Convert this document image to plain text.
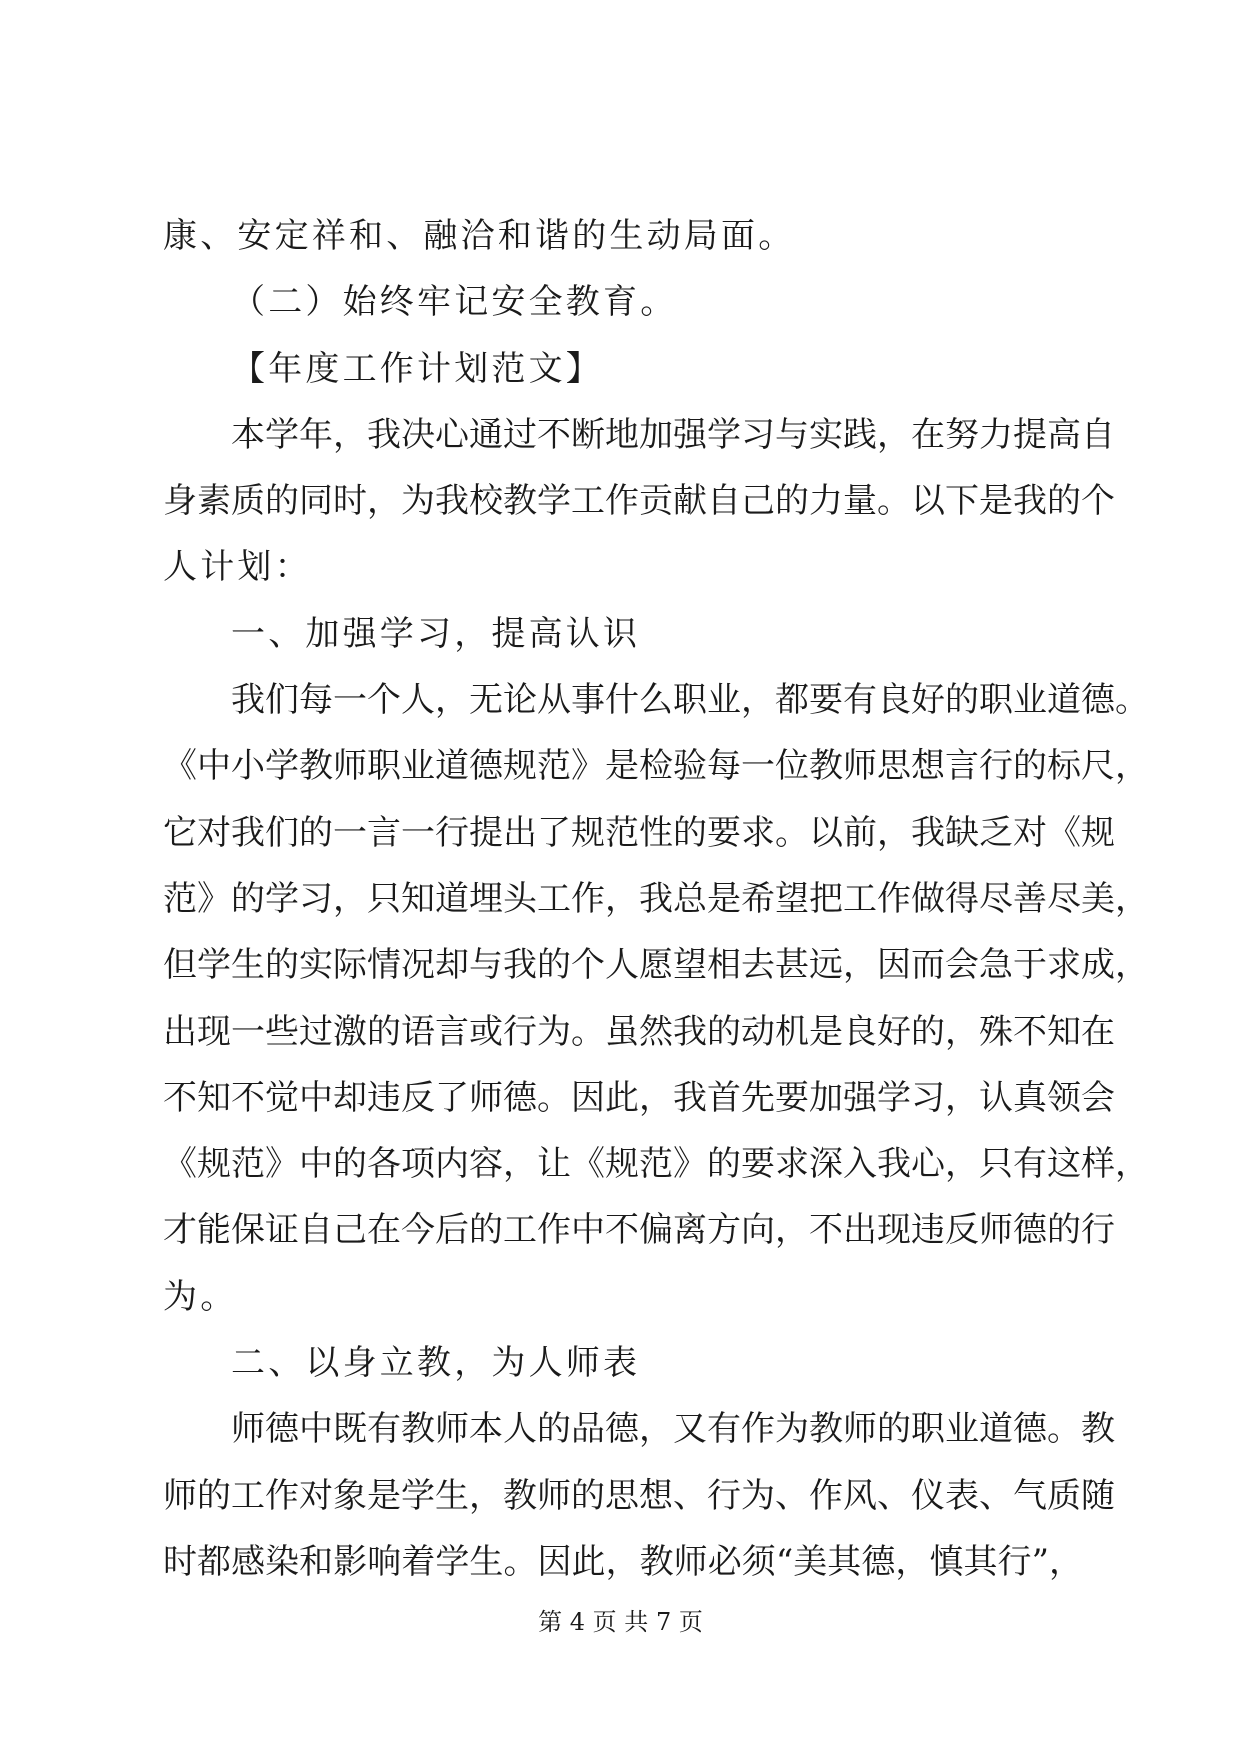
康、安定祥和、融洽和谐的生动局面。
（二）始终牢记安全教育。
【年度工作计划范文】
本学年，我决心通过不断地加强学习与实践，在努力提高自
身素质的同时，为我校教学工作贡献自己的力量。以下是我的个
人计划：
一、加强学习，提高认识
我们每一个人，无论从事什么职业，都要有良好的职业道德。
《中小学教师职业道德规范》是检验每一位教师思想言行的标尺，
它对我们的一言一行提出了规范性的要求。以前，我缺乏对《规
范》的学习，只知道埋头工作，我总是希望把工作做得尽善尽美，
但学生的实际情况却与我的个人愿望相去甚远，因而会急于求成，
出现一些过激的语言或行为。虽然我的动机是良好的，殊不知在
不知不觉中却违反了师德。因此，我首先要加强学习，认真领会
《规范》中的各项内容，让《规范》的要求深入我心，只有这样，
才能保证自己在今后的工作中不偏离方向，不出现违反师德的行
为。
二、以身立教，为人师表
师德中既有教师本人的品德，又有作为教师的职业道德。教
师的工作对象是学生，教师的思想、行为、作风、仪表、气质随
时都感染和影响着学生。因此，教师必须“美其德，慎其行”，
第 4 页 共 7 页
